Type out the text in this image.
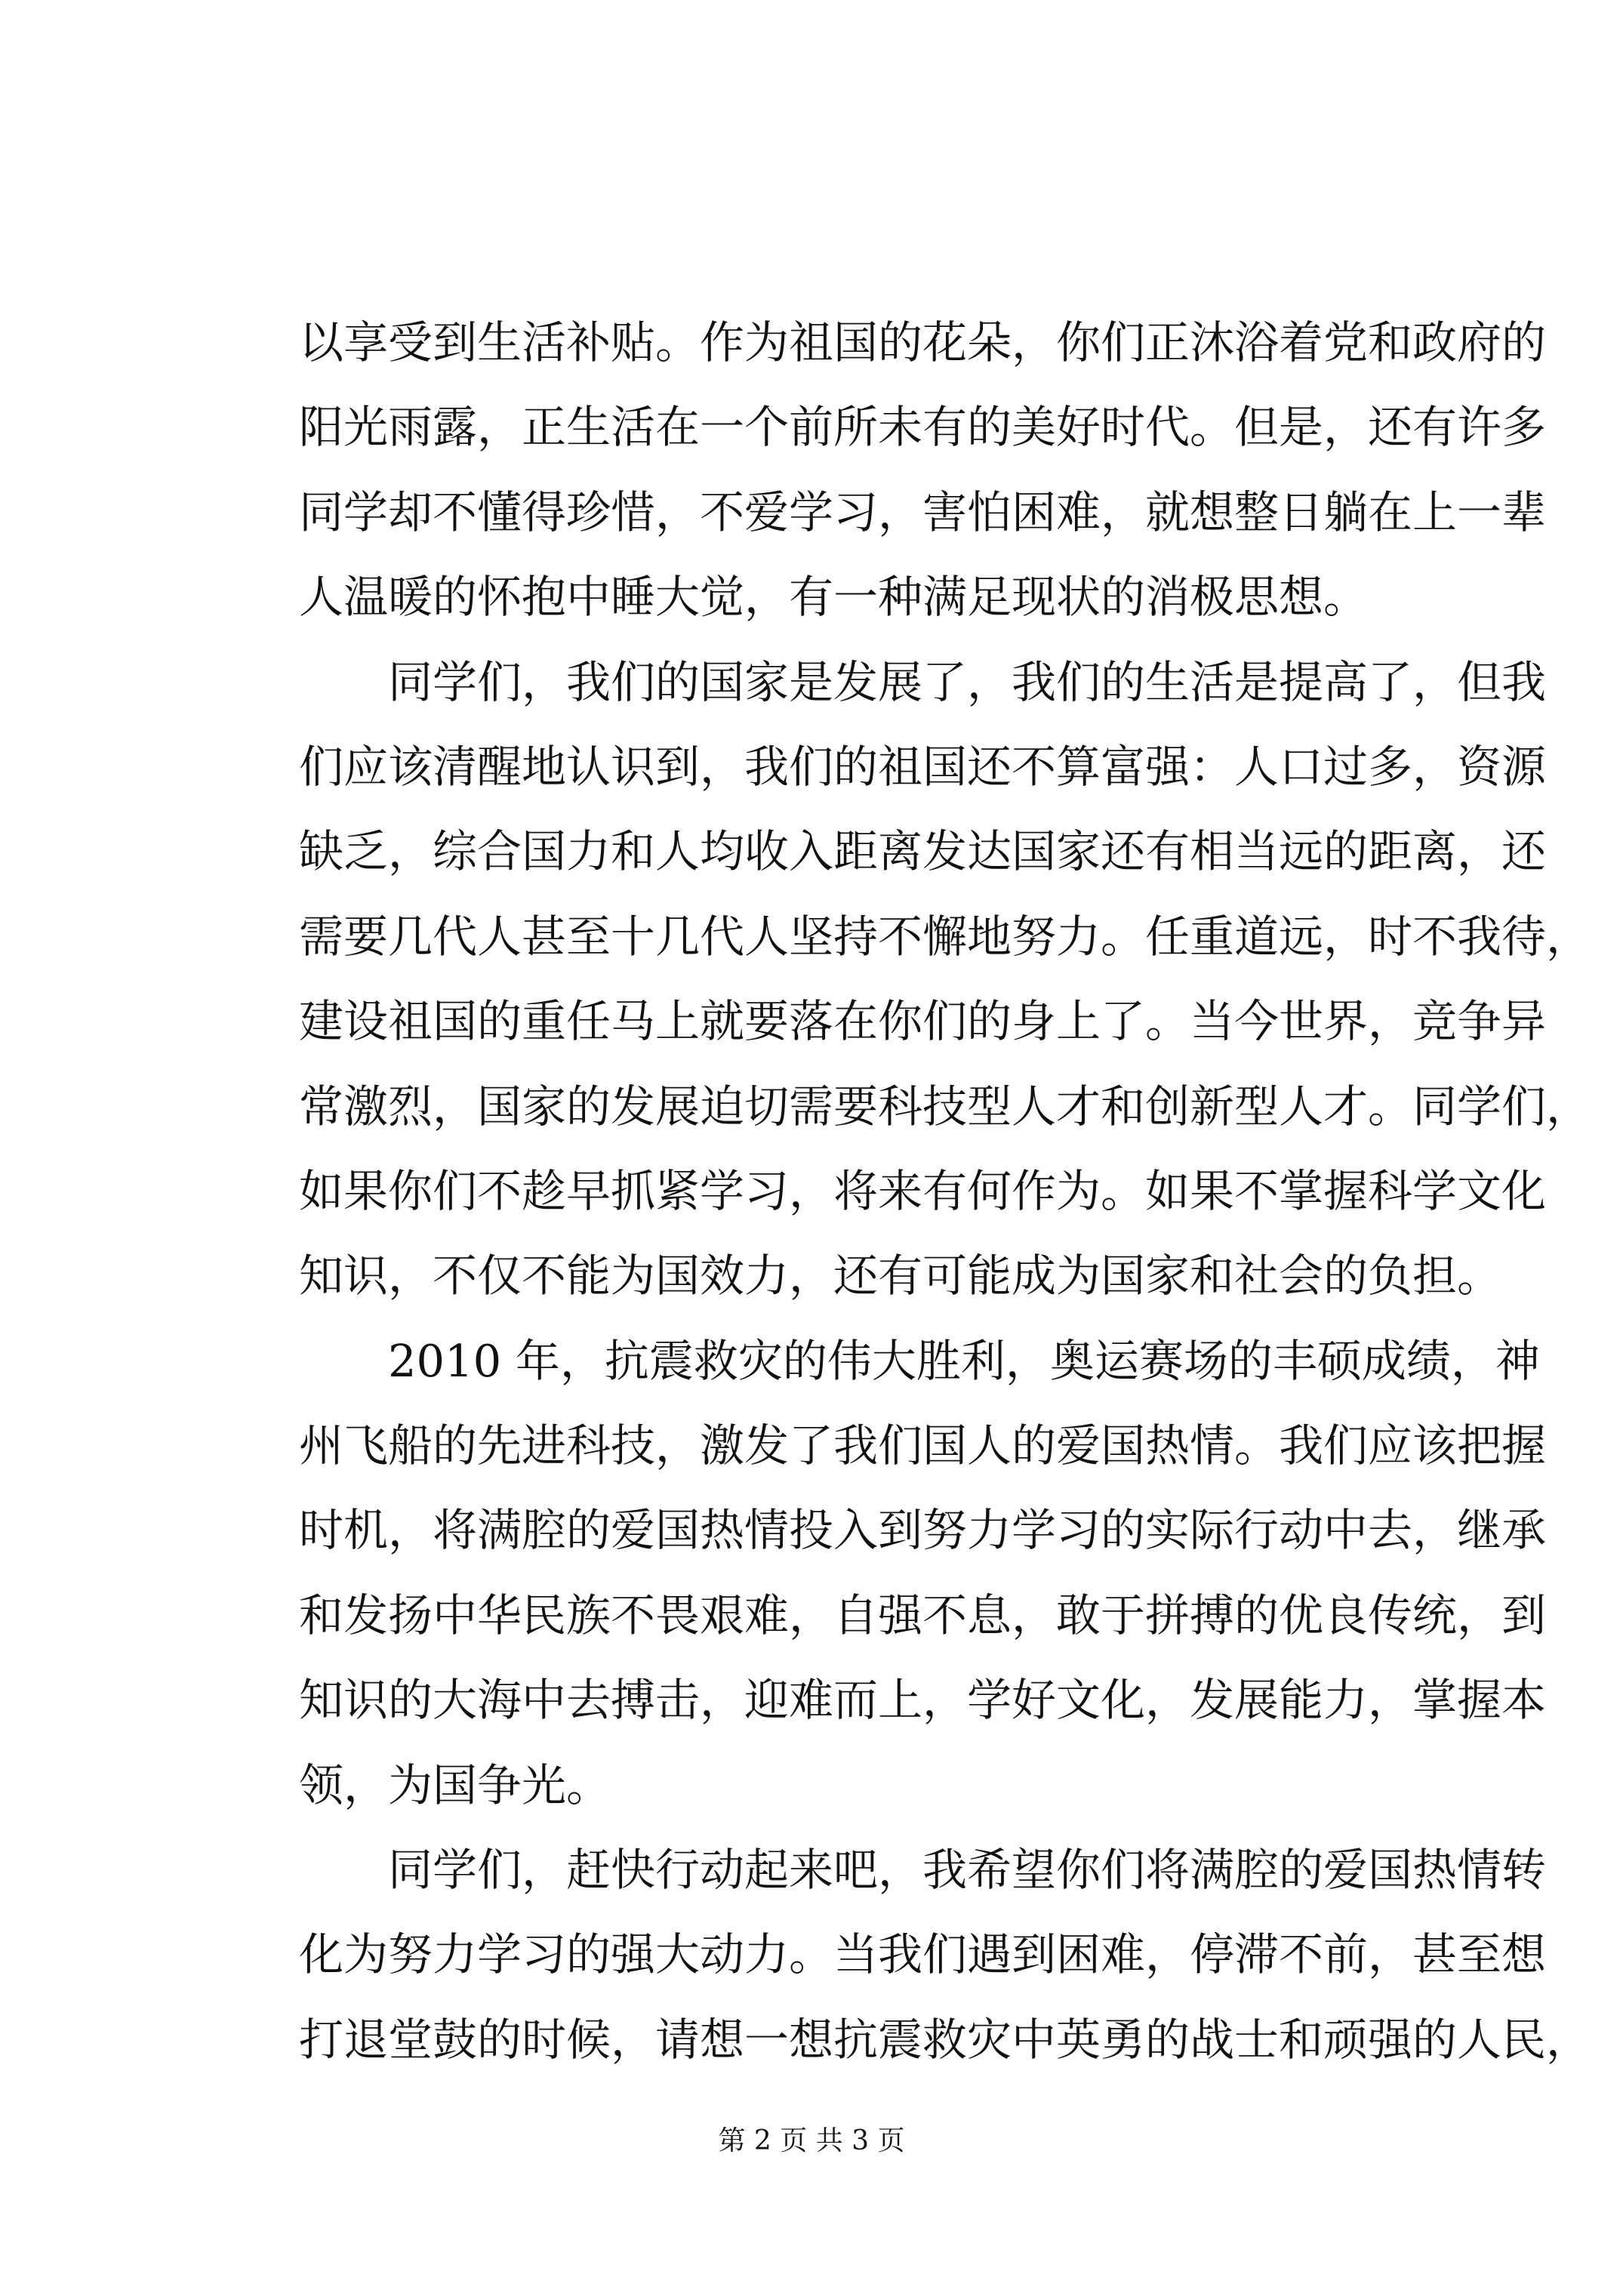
以享受到生活补贴。作为祖国的花朵，你们正沐浴着党和政府的
阳光雨露，正生活在一个前所未有的美好时代。但是，还有许多
同学却不懂得珍惜，不爱学习，害怕困难，就想整日躺在上一辈
人温暖的怀抱中睡大觉，有一种满足现状的消极思想。
　　同学们，我们的国家是发展了，我们的生活是提高了，但我
们应该清醒地认识到，我们的祖国还不算富强：人口过多，资源
缺乏，综合国力和人均收入距离发达国家还有相当远的距离，还
需要几代人甚至十几代人坚持不懈地努力。任重道远，时不我待，
建设祖国的重任马上就要落在你们的身上了。当今世界，竞争异
常激烈，国家的发展迫切需要科技型人才和创新型人才。同学们，
如果你们不趁早抓紧学习，将来有何作为。如果不掌握科学文化
知识，不仅不能为国效力，还有可能成为国家和社会的负担。
　　2010 年，抗震救灾的伟大胜利，奥运赛场的丰硕成绩，神
州飞船的先进科技，激发了我们国人的爱国热情。我们应该把握
时机，将满腔的爱国热情投入到努力学习的实际行动中去，继承
和发扬中华民族不畏艰难，自强不息，敢于拼搏的优良传统，到
知识的大海中去搏击，迎难而上，学好文化，发展能力，掌握本
领，为国争光。
　　同学们，赶快行动起来吧，我希望你们将满腔的爱国热情转
化为努力学习的强大动力。当我们遇到困难，停滞不前，甚至想
打退堂鼓的时候，请想一想抗震救灾中英勇的战士和顽强的人民，
第 2 页 共 3 页
